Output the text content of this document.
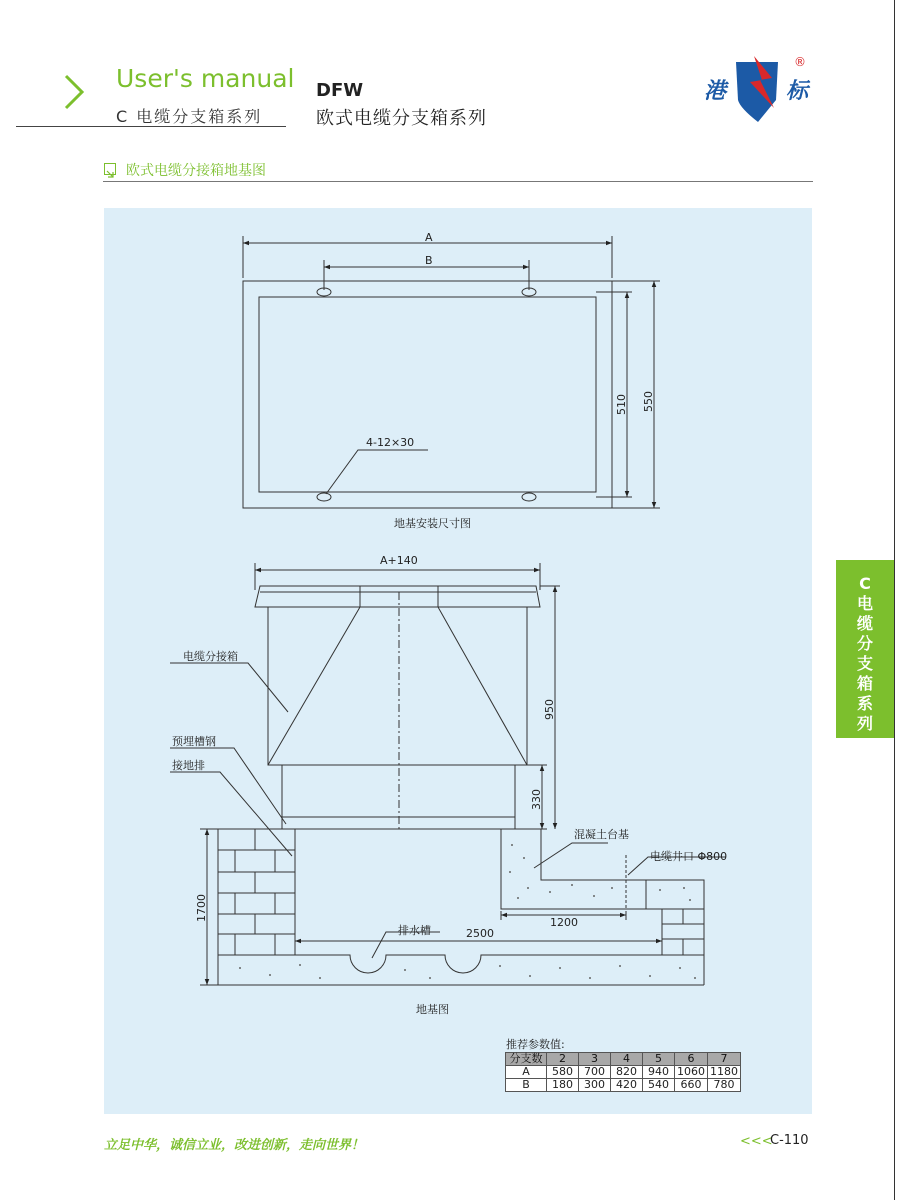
User's manual
C 电缆分支箱系列
DFW
欧式电缆分支箱系列
港	标
®
欧式电缆分接箱地基图
A
B
510 550
4-12×30
地基安装尺寸图
A+140
950
330
1700
1200
2500
电缆分接箱
预埋槽钢
接地排
混凝土台基
电缆井口 Φ800
排水槽
地基图
推荐参数值:
分支数	2	3	4	5	6	7
A	580	700	820	940	1060	1180
B	180	300	420	540	660	780
C
电
缆
分
支
箱
系
列
立足中华，诚信立业，改进创新，走向世界！	<<<
C-110
